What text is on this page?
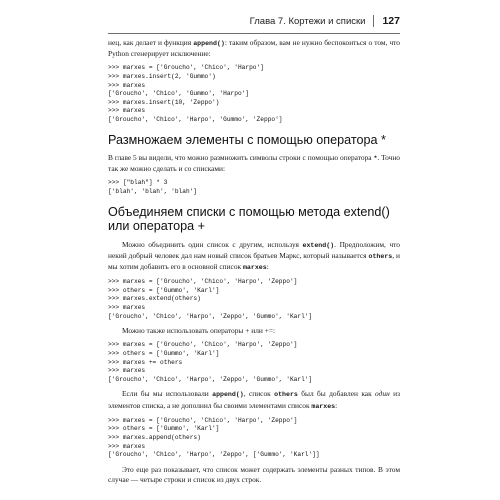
Глава 7. Кортежи и списки	127

нец, как делает и функция append(): таким образом, вам не нужно беспокоиться о том, что Python сгенерирует исключение:

>>> marxes = ['Groucho', 'Chico', 'Harpo']
>>> marxes.insert(2, 'Gummo')
>>> marxes
['Groucho', 'Chico', 'Gummo', 'Harpo']
>>> marxes.insert(10, 'Zeppo')
>>> marxes
['Groucho', 'Chico', 'Harpo', 'Gummo', 'Zeppo']
Размножаем элементы с помощью оператора *

В главе 5 вы видели, что можно размножить символы строки с помощью оператора *. Точно так же можно сделать и со списками:

>>> ["blah"] * 3
['blah', 'blah', 'blah']
Объединяем списки с помощью метода extend()
или оператора +

Можно объединить один список с другим, используя extend(). Предположим, что некий добрый человек дал нам новый список братьев Маркс, который называется others, и мы хотим добавить его в основной список marxes:

>>> marxes = ['Groucho', 'Chico', 'Harpo', 'Zeppo']
>>> others = ['Gummo', 'Karl']
>>> marxes.extend(others)
>>> marxes
['Groucho', 'Chico', 'Harpo', 'Zeppo', 'Gummo', 'Karl']

Можно также использовать операторы + или +=:

>>> marxes = ['Groucho', 'Chico', 'Harpo', 'Zeppo']
>>> others = ['Gummo', 'Karl']
>>> marxes += others
>>> marxes
['Groucho', 'Chico', 'Harpo', 'Zeppo', 'Gummo', 'Karl']

Если бы мы использовали append(), список others был бы добавлен как один из элементов списка, а не дополнил бы своими элементами список marxes:

>>> marxes = ['Groucho', 'Chico', 'Harpo', 'Zeppo']
>>> others = ['Gummo', 'Karl']
>>> marxes.append(others)
>>> marxes
['Groucho', 'Chico', 'Harpo', 'Zeppo', ['Gummo', 'Karl']]

Это еще раз показывает, что список может содержать элементы разных типов. В этом случае — четыре строки и список из двух строк.
